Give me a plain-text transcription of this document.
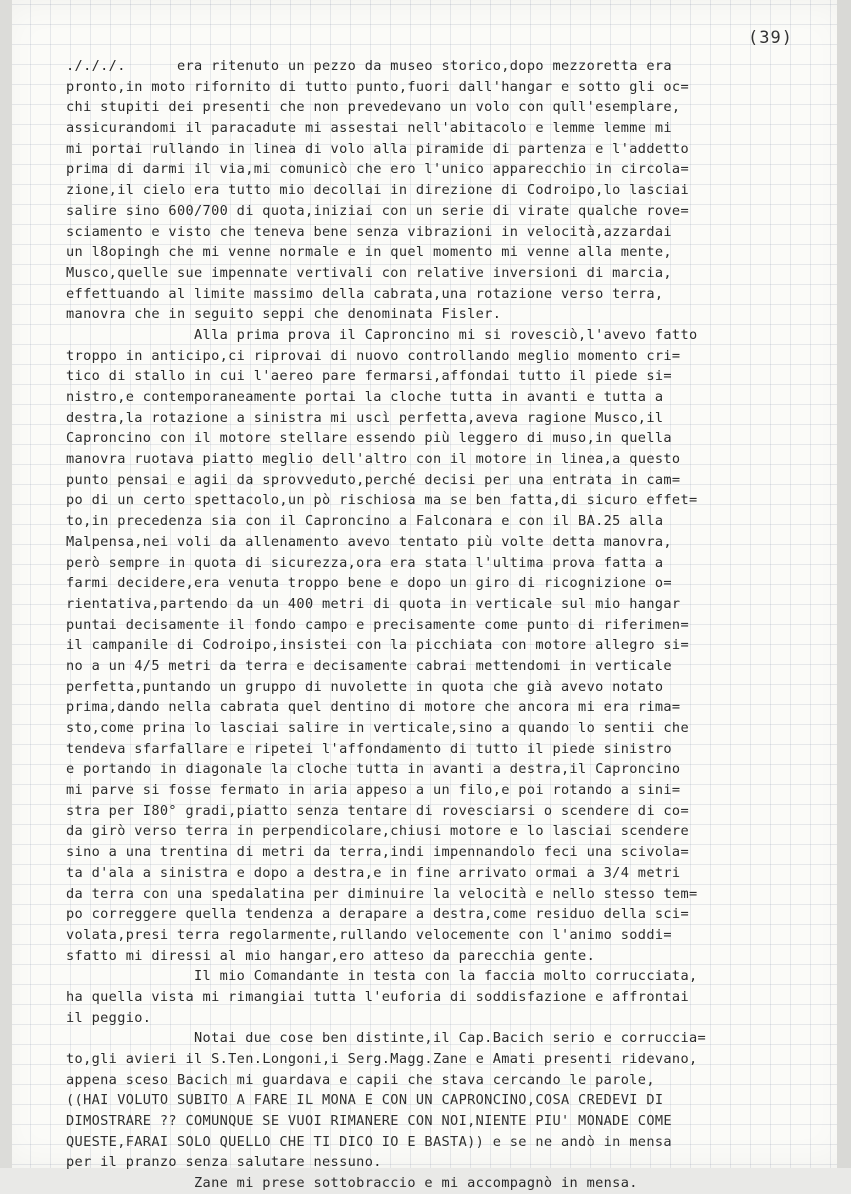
(39)
./././.      era ritenuto un pezzo da museo storico,dopo mezzoretta era
pronto,in moto rifornito di tutto punto,fuori dall'hangar e sotto gli oc=
chi stupiti dei presenti che non prevedevano un volo con qull'esemplare,
assicurandomi il paracadute mi assestai nell'abitacolo e lemme lemme mi
mi portai rullando in linea di volo alla piramide di partenza e l'addetto
prima di darmi il via,mi comunicò che ero l'unico apparecchio in circola=
zione,il cielo era tutto mio decollai in direzione di Codroipo,lo lasciai
salire sino 600/700 di quota,iniziai con un serie di virate qualche rove=
sciamento e visto che teneva bene senza vibrazioni in velocità,azzardai
un l8opingh che mi venne normale e in quel momento mi venne alla mente,
Musco,quelle sue impennate vertivali con relative inversioni di marcia,
effettuando al limite massimo della cabrata,una rotazione verso terra,
manovra che in seguito seppi che denominata Fisler.
Alla prima prova il Caproncino mi si rovesciò,l'avevo fatto
troppo in anticipo,ci riprovai di nuovo controllando meglio momento cri=
tico di stallo in cui l'aereo pare fermarsi,affondai tutto il piede si=
nistro,e contemporaneamente portai la cloche tutta in avanti e tutta a
destra,la rotazione a sinistra mi uscì perfetta,aveva ragione Musco,il
Caproncino con il motore stellare essendo più leggero di muso,in quella
manovra ruotava piatto meglio dell'altro con il motore in linea,a questo
punto pensai e agii da sprovveduto,perché decisi per una entrata in cam=
po di un certo spettacolo,un pò rischiosa ma se ben fatta,di sicuro effet=
to,in precedenza sia con il Caproncino a Falconara e con il BA.25 alla
Malpensa,nei voli da allenamento avevo tentato più volte detta manovra,
però sempre in quota di sicurezza,ora era stata l'ultima prova fatta a
farmi decidere,era venuta troppo bene e dopo un giro di ricognizione o=
rientativa,partendo da un 400 metri di quota in verticale sul mio hangar
puntai decisamente il fondo campo e precisamente come punto di riferimen=
il campanile di Codroipo,insistei con la picchiata con motore allegro si=
no a un 4/5 metri da terra e decisamente cabrai mettendomi in verticale
perfetta,puntando un gruppo di nuvolette in quota che già avevo notato
prima,dando nella cabrata quel dentino di motore che ancora mi era rima=
sto,come prina lo lasciai salire in verticale,sino a quando lo sentii che
tendeva sfarfallare e ripetei l'affondamento di tutto il piede sinistro
e portando in diagonale la cloche tutta in avanti a destra,il Caproncino
mi parve si fosse fermato in aria appeso a un filo,e poi rotando a sini=
stra per I80° gradi,piatto senza tentare di rovesciarsi o scendere di co=
da girò verso terra in perpendicolare,chiusi motore e lo lasciai scendere
sino a una trentina di metri da terra,indi impennandolo feci una scivola=
ta d'ala a sinistra e dopo a destra,e in fine arrivato ormai a 3/4 metri
da terra con una spedalatina per diminuire la velocità e nello stesso tem=
po correggere quella tendenza a derapare a destra,come residuo della sci=
volata,presi terra regolarmente,rullando velocemente con l'animo soddi=
sfatto mi diressi al mio hangar,ero atteso da parecchia gente.
Il mio Comandante in testa con la faccia molto corrucciata,
ha quella vista mi rimangiai tutta l'euforia di soddisfazione e affrontai
il peggio.
Notai due cose ben distinte,il Cap.Bacich serio e corruccia=
to,gli avieri il S.Ten.Longoni,i Serg.Magg.Zane e Amati presenti ridevano,
appena sceso Bacich mi guardava e capii che stava cercando le parole,
((HAI VOLUTO SUBITO A FARE IL MONA E CON UN CAPRONCINO,COSA CREDEVI DI
DIMOSTRARE ?? COMUNQUE SE VUOI RIMANERE CON NOI,NIENTE PIU' MONADE COME
QUESTE,FARAI SOLO QUELLO CHE TI DICO IO E BASTA)) e se ne andò in mensa
per il pranzo senza salutare nessuno.
Zane mi prese sottobraccio e mi accompagnò in mensa.
